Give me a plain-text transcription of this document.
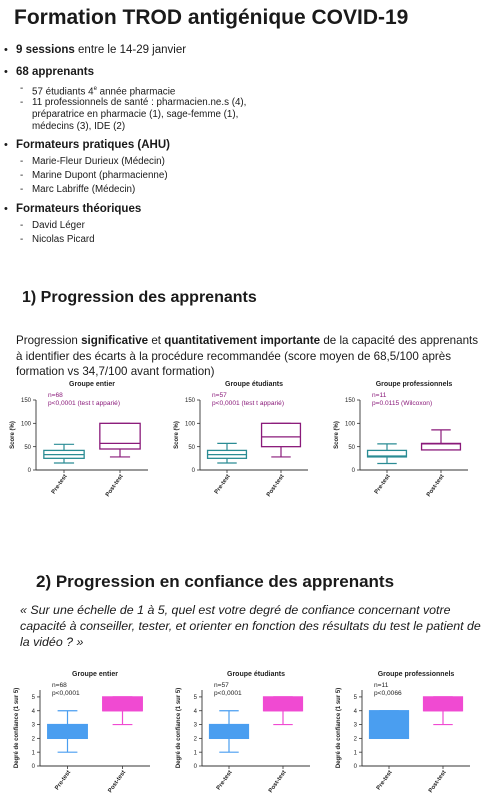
Formation TROD antigénique COVID-19
• 9 sessions entre le 14-29 janvier
• 68 apprenants
- 57 étudiants 4e année pharmacie
- 11 professionnels de santé : pharmacien.ne.s (4), préparatrice en pharmacie (1), sage-femme (1), médecins (3), IDE (2)
• Formateurs pratiques (AHU)
- Marie-Fleur Durieux (Médecin)
- Marine Dupont (pharmacienne)
- Marc Labriffe (Médecin)
• Formateurs théoriques
- David Léger
- Nicolas Picard
1) Progression des apprenants
Progression significative et quantitativement importante de la capacité des apprenants à identifier des écarts à la procédure recommandée (score moyen de 68,5/100 après formation vs 34,7/100 avant formation)
Groupe entier
n=68
p<0,0001 (test t apparié)
0
50
100
150
Score (%)
Pre-test	Post-test
Groupe étudiants
n=57
p<0,0001 (test t apparié)
0
50
100
150
Score (%)
Pre-test	Post-test
Groupe professionnels
n=11
p=0.0115 (Wilcoxon)
0
50
100
150
Score (%)
Pre-test	Post-test
2) Progression en confiance des apprenants
« Sur une échelle de 1 à 5, quel est votre degré de confiance concernant votre capacité à conseiller, tester, et orienter en fonction des résultats du test le patient de la vidéo ? »
Groupe entier
n=68
p<0,0001
0
1
2
3
4
5
Degré de confiance (1 sur 5)
Pre-test	Post-test
Groupe étudiants
n=57
p<0,0001
0
1
2
3
4
5
Degré de confiance (1 sur 5)
Pre-test	Post-test
Groupe professionnels
n=11
p<0,0066
0
1
2
3
4
5
Degré de confiance (1 sur 5)
Pre-test	Post-test
